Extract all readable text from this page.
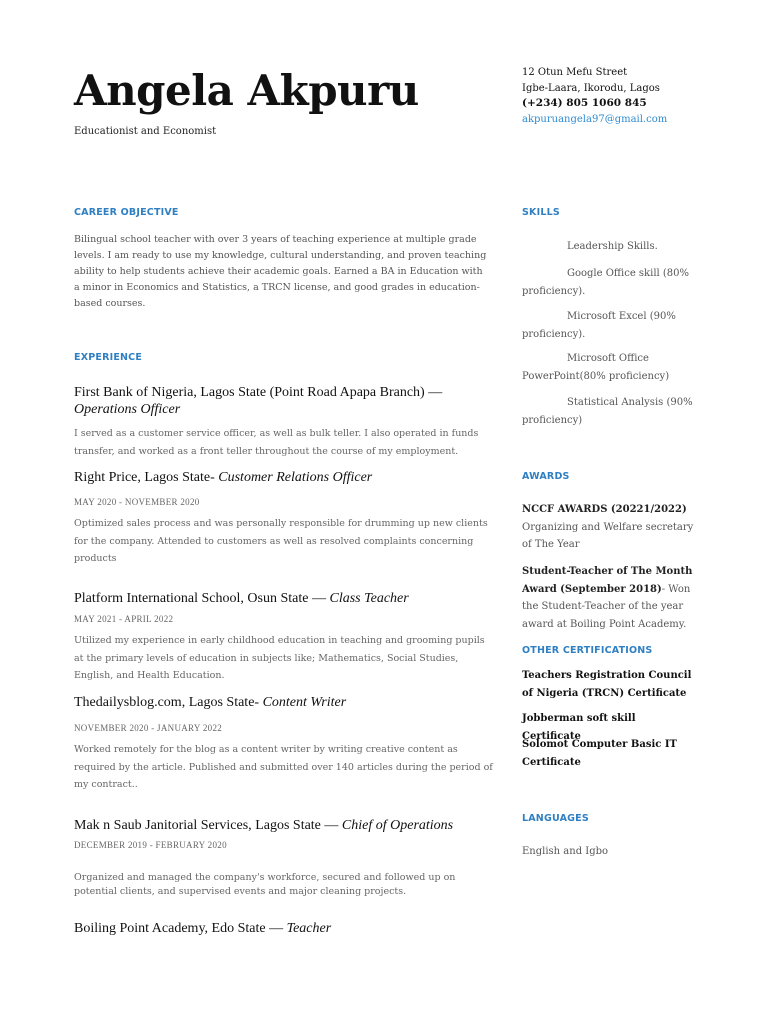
Angela Akpuru
Educationist and Economist
12 Otun Mefu Street
Igbe-Laara, Ikorodu, Lagos
(+234) 805 1060 845
akpuruangela97@gmail.com
CAREER OBJECTIVE
Bilingual school teacher with over 3 years of teaching experience at multiple grade levels. I am ready to use my knowledge, cultural understanding, and proven teaching ability to help students achieve their academic goals. Earned a BA in Education with a minor in Economics and Statistics, a TRCN license, and good grades in education-based courses.
EXPERIENCE
First Bank of Nigeria, Lagos State (Point Road Apapa Branch) — Operations Officer
I served as a customer service officer, as well as bulk teller. I also operated in funds transfer, and worked as a front teller throughout the course of my employment.
Right Price, Lagos State- Customer Relations Officer
MAY 2020 - NOVEMBER 2020
Optimized sales process and was personally responsible for drumming up new clients for the company. Attended to customers as well as resolved complaints concerning products
Platform International School, Osun State — Class Teacher
MAY 2021 - APRIL 2022
Utilized my experience in early childhood education in teaching and grooming pupils at the primary levels of education in subjects like; Mathematics, Social Studies, English, and Health Education.
Thedailysblog.com, Lagos State- Content Writer
NOVEMBER 2020 - JANUARY 2022
Worked remotely for the blog as a content writer by writing creative content as required by the article. Published and submitted over 140 articles during the period of my contract..
Mak n Saub Janitorial Services, Lagos State — Chief of Operations
DECEMBER 2019 - FEBRUARY 2020
Organized and managed the company's workforce, secured and followed up on potential clients, and supervised events and major cleaning projects.
Boiling Point Academy, Edo State — Teacher
SKILLS
Leadership Skills.
Google Office skill (80% proficiency).
Microsoft Excel (90% proficiency).
Microsoft Office PowerPoint(80% proficiency)
Statistical Analysis (90% proficiency)
AWARDS
NCCF AWARDS (20221/2022) Organizing and Welfare secretary of The Year
Student-Teacher of The Month Award (September 2018)- Won the Student-Teacher of the year award at Boiling Point Academy.
OTHER CERTIFICATIONS
Teachers Registration Council of Nigeria (TRCN) Certificate
Jobberman soft skill Certificate
Solomot Computer Basic IT Certificate
LANGUAGES
English and Igbo
